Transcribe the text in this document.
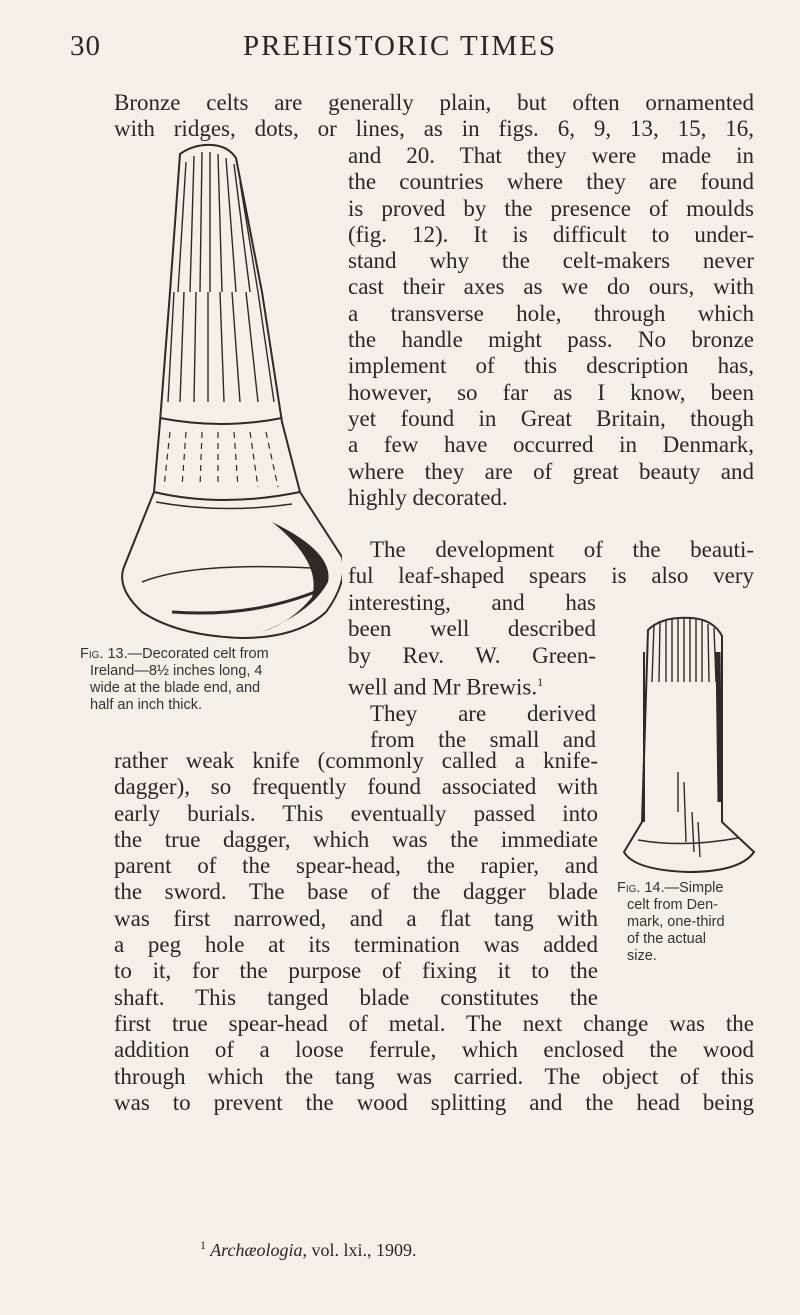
30	PREHISTORIC TIMES
Bronze celts are generally plain, but often ornamented
with ridges, dots, or lines, as in figs. 6, 9, 13, 15, 16,
Fig. 13.—Decorated celt from
Ireland—8½ inches long, 4
wide at the blade end, and
half an inch thick.
and 20. That they were made in
the countries where they are found
is proved by the presence of moulds
(fig. 12). It is difficult to under-
stand why the celt-makers never
cast their axes as we do ours, with
a transverse hole, through which
the handle might pass. No bronze
implement of this description has,
however, so far as I know, been
yet found in Great Britain, though
a few have occurred in Denmark,
where they are of great beauty and
highly decorated.
The development of the beauti-
ful leaf-shaped spears is also very
interesting, and has
been well described
by Rev. W. Green-
well and Mr Brewis.$^1$
They are derived
from the small and
Fig. 14.—Simple
celt from Den-
mark, one-third
of the actual
size.
rather weak knife (commonly called a knife-
dagger), so frequently found associated with
early burials. This eventually passed into
the true dagger, which was the immediate
parent of the spear-head, the rapier, and
the sword. The base of the dagger blade
was first narrowed, and a flat tang with
a peg hole at its termination was added
to it, for the purpose of fixing it to the
shaft. This tanged blade constitutes the
first true spear-head of metal. The next change was the
addition of a loose ferrule, which enclosed the wood
through which the tang was carried. The object of this
was to prevent the wood splitting and the head being
$^1$ Archæologia, vol. lxi., 1909.
